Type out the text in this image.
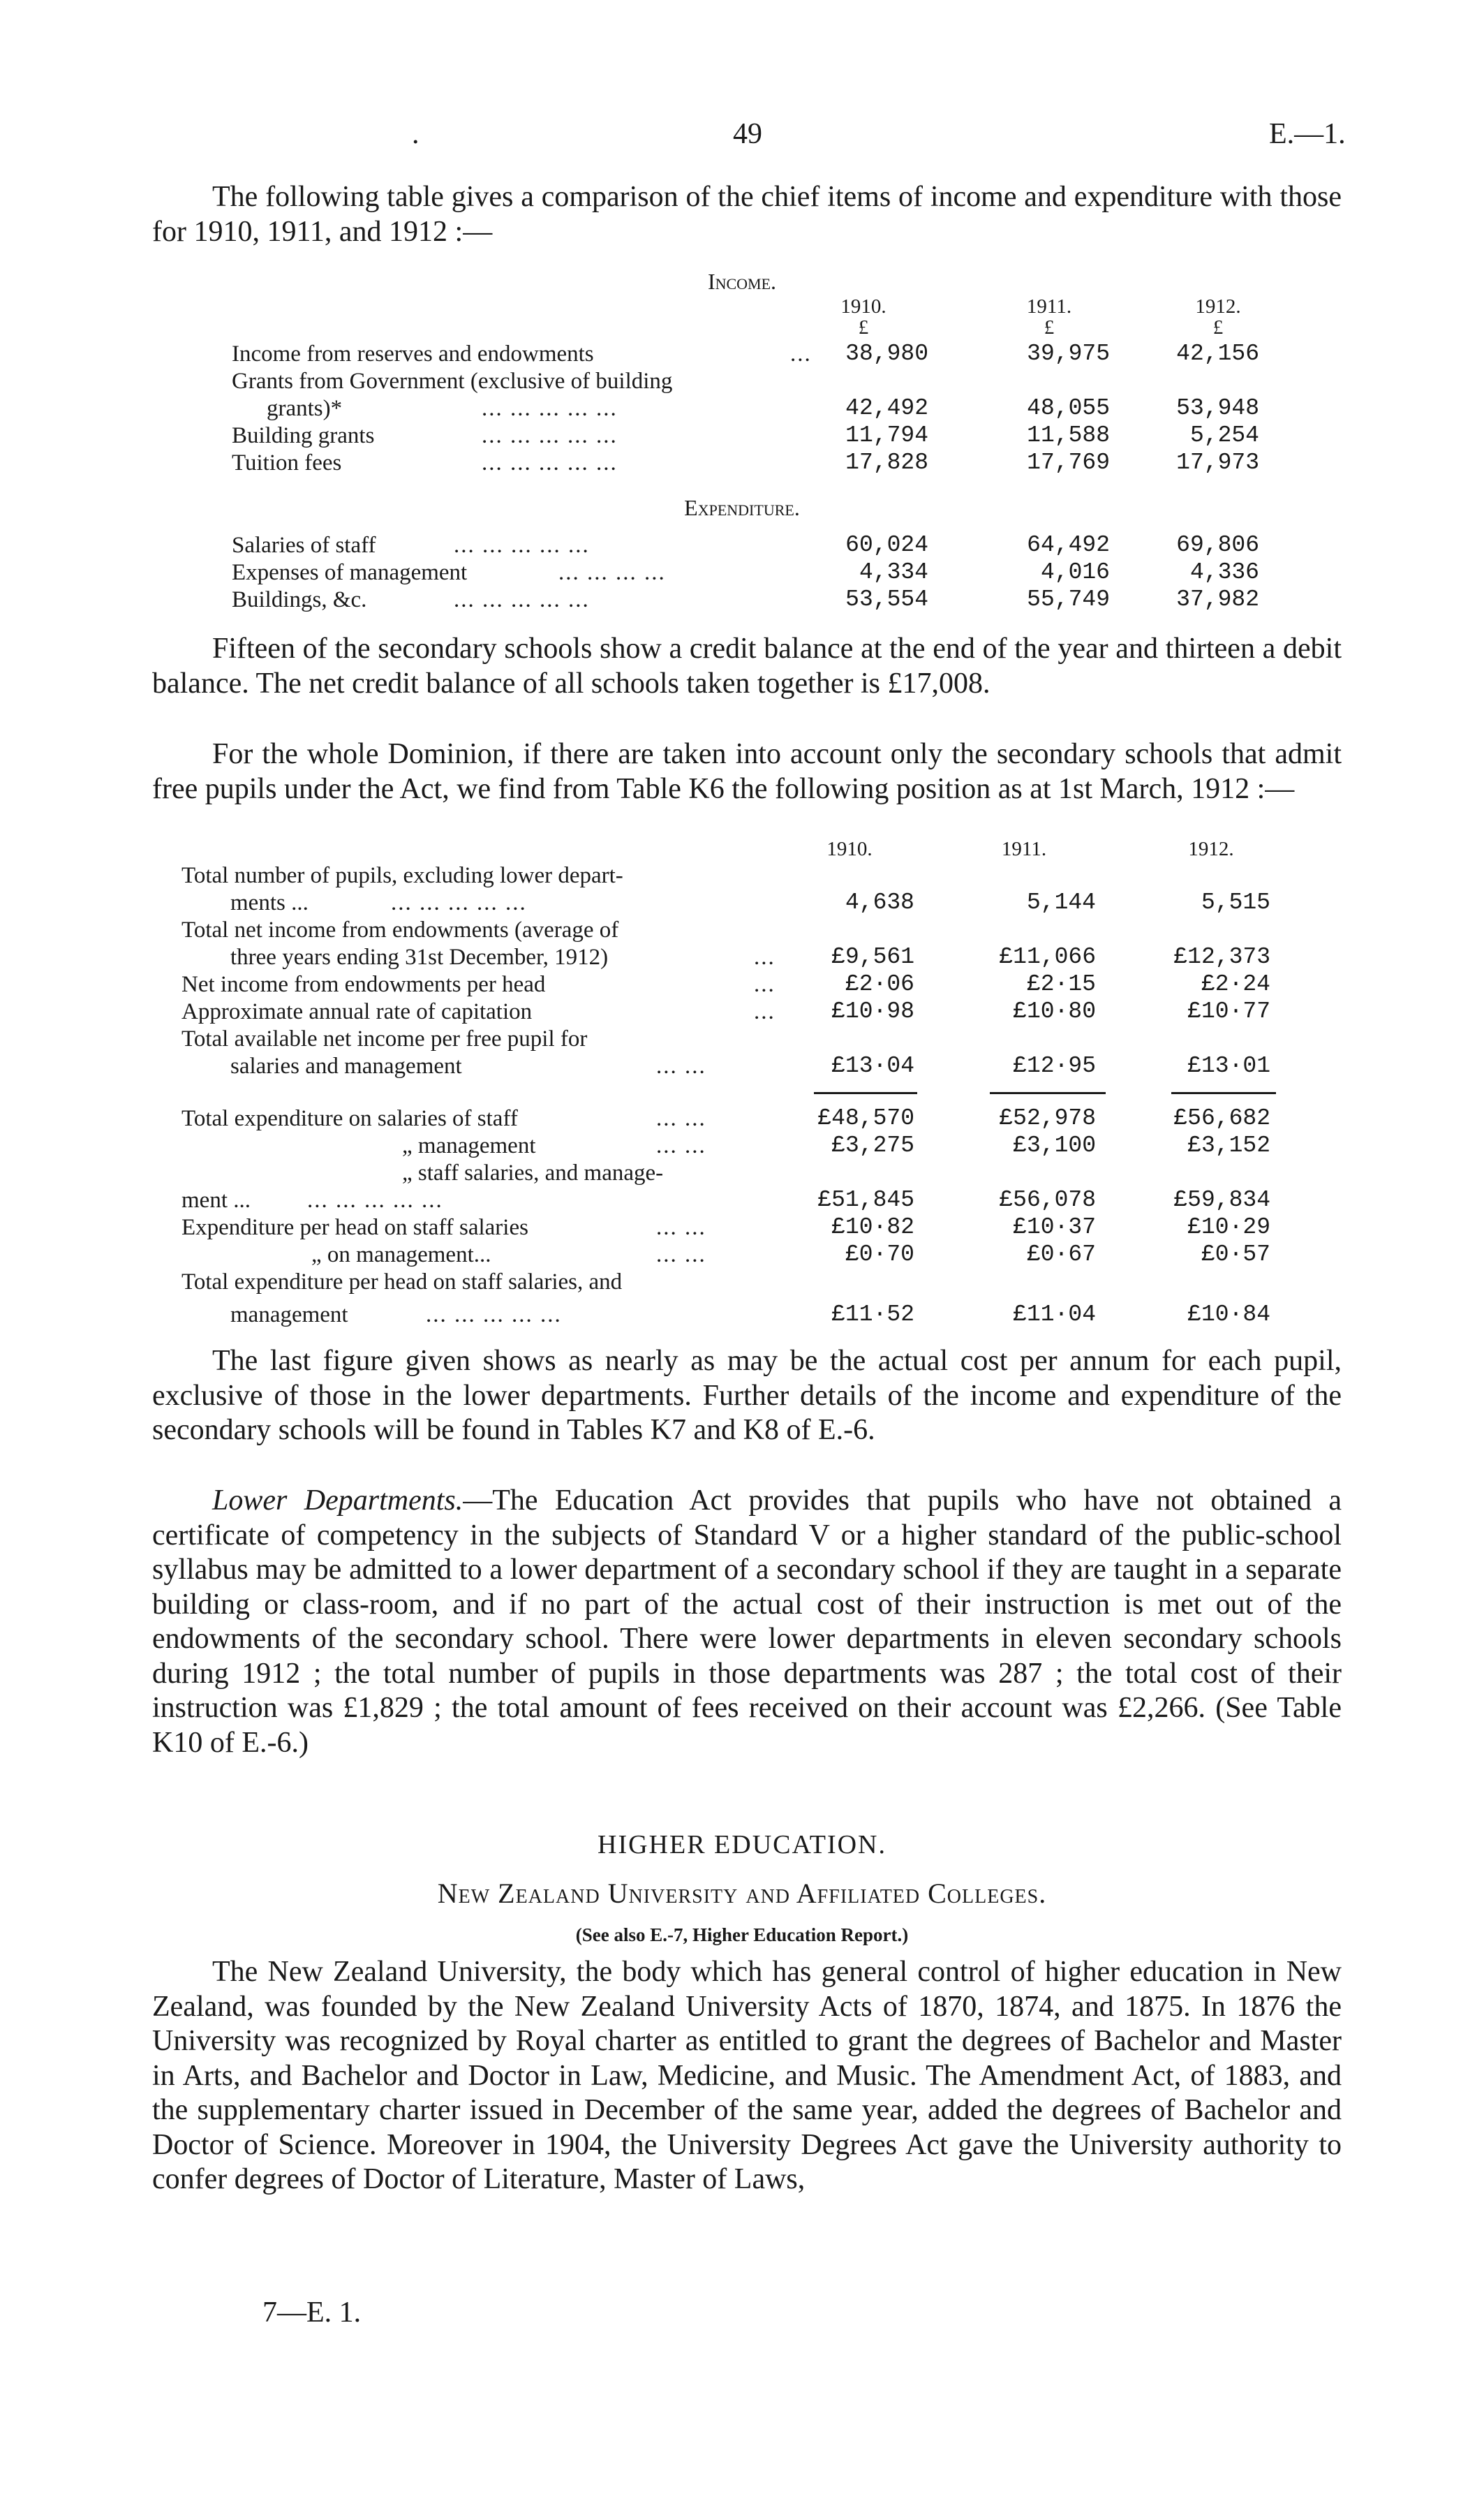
.	49	E.—1.

The following table gives a comparison of the chief items of income and expenditure with those for 1910, 1911, and 1912 :—

Income.
1910.	1911.	1912.
£	£	£
Income from reserves and endowments	...	38,980	39,975	42,156
Grants from Government (exclusive of building
grants)*	... ... ... ... ...	42,492	48,055	53,948
Building grants	... ... ... ... ...	11,794	11,588	5,254
Tuition fees	... ... ... ... ...	17,828	17,769	17,973
Expenditure.
Salaries of staff	... ... ... ... ...	60,024	64,492	69,806
Expenses of management	... ... ... ...	4,334	4,016	4,336
Buildings, &c.	... ... ... ... ...	53,554	55,749	37,982

Fifteen of the secondary schools show a credit balance at the end of the year and thirteen a debit balance. The net credit balance of all schools taken together is £17,008.

For the whole Dominion, if there are taken into account only the secondary schools that admit free pupils under the Act, we find from Table K6 the following position as at 1st March, 1912 :—

1910.	1911.	1912.
Total number of pupils, excluding lower depart-
ments ...	... ... ... ... ...	4,638	5,144	5,515
Total net income from endowments (average of
three years ending 31st December, 1912)	...	£9,561	£11,066	£12,373
Net income from endowments per head	...	£2·06	£2·15	£2·24
Approximate annual rate of capitation	...	£10·98	£10·80	£10·77
Total available net income per free pupil for
salaries and management	... ...	£13·04	£12·95	£13·01
Total expenditure on salaries of staff	... ...	£48,570	£52,978	£56,682
„ management	... ...	£3,275	£3,100	£3,152
„ staff salaries, and manage-
ment ... ... ... ... ... ...	£51,845	£56,078	£59,834
Expenditure per head on staff salaries	... ...	£10·82	£10·37	£10·29
„ on management...	... ...	£0·70	£0·67	£0·57
Total expenditure per head on staff salaries, and
management	... ... ... ... ...	£11·52	£11·04	£10·84

The last figure given shows as nearly as may be the actual cost per annum for each pupil, exclusive of those in the lower departments. Further details of the income and expenditure of the secondary schools will be found in Tables K7 and K8 of E.-6.

Lower Departments.—The Education Act provides that pupils who have not obtained a certificate of competency in the subjects of Standard V or a higher standard of the public-school syllabus may be admitted to a lower department of a secondary school if they are taught in a separate building or class-room, and if no part of the actual cost of their instruction is met out of the endowments of the secondary school. There were lower departments in eleven secondary schools during 1912 ; the total number of pupils in those departments was 287 ; the total cost of their instruction was £1,829 ; the total amount of fees received on their account was £2,266. (See Table K10 of E.-6.)

HIGHER EDUCATION.
New Zealand University and Affiliated Colleges.
(See also E.-7, Higher Education Report.)

The New Zealand University, the body which has general control of higher education in New Zealand, was founded by the New Zealand University Acts of 1870, 1874, and 1875. In 1876 the University was recognized by Royal charter as entitled to grant the degrees of Bachelor and Master in Arts, and Bachelor and Doctor in Law, Medicine, and Music. The Amendment Act, of 1883, and the supplementary charter issued in December of the same year, added the degrees of Bachelor and Doctor of Science. Moreover in 1904, the University Degrees Act gave the University authority to confer degrees of Doctor of Literature, Master of Laws,

7—E. 1.
